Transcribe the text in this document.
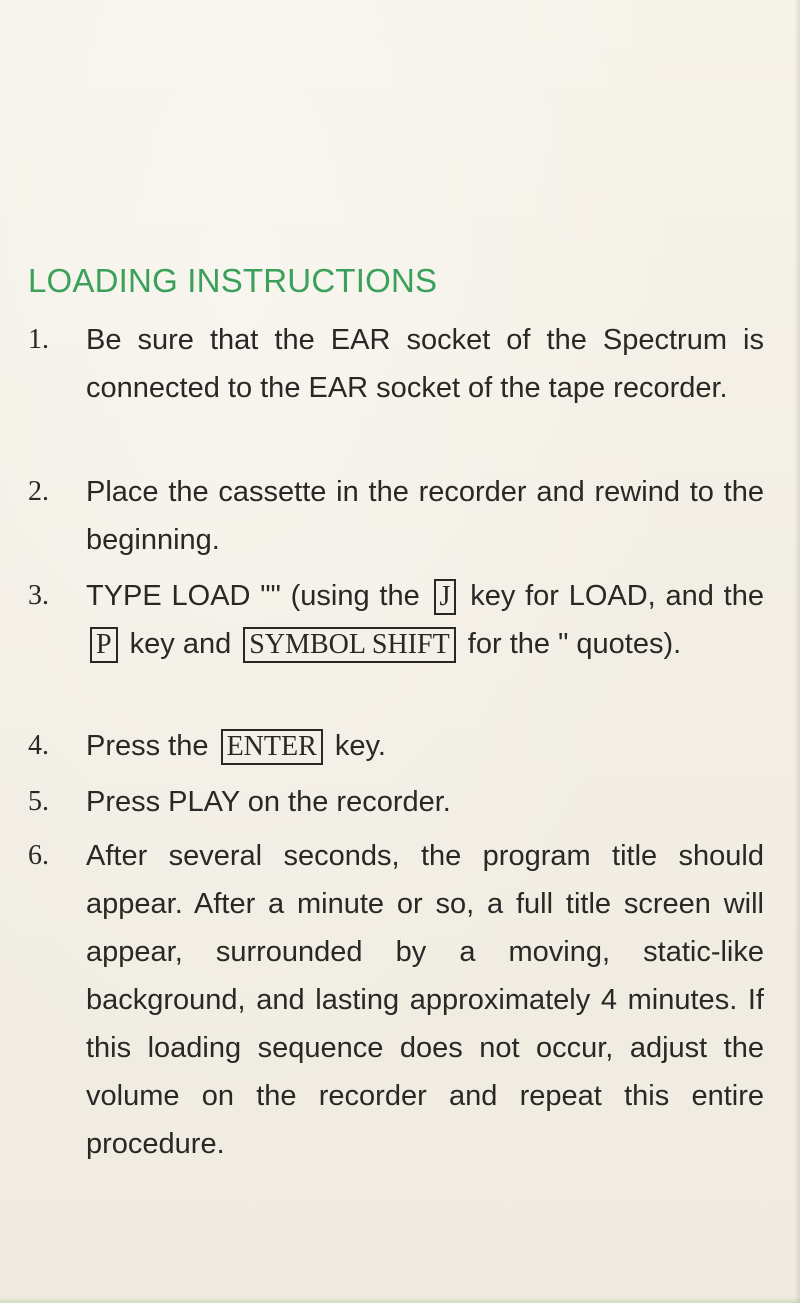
LOADING INSTRUCTIONS
1. Be sure that the EAR socket of the Spectrum is connected to the EAR socket of the tape recorder.
2. Place the cassette in the recorder and rewind to the beginning.
3. TYPE LOAD "" (using the J key for LOAD, and the P key and SYMBOL SHIFT for the " quotes).
4. Press the ENTER key.
5. Press PLAY on the recorder.
6. After several seconds, the program title should appear. After a minute or so, a full title screen will appear, surrounded by a moving, static-like background, and lasting approximately 4 minutes. If this loading sequence does not occur, adjust the volume on the recorder and repeat this entire procedure.
